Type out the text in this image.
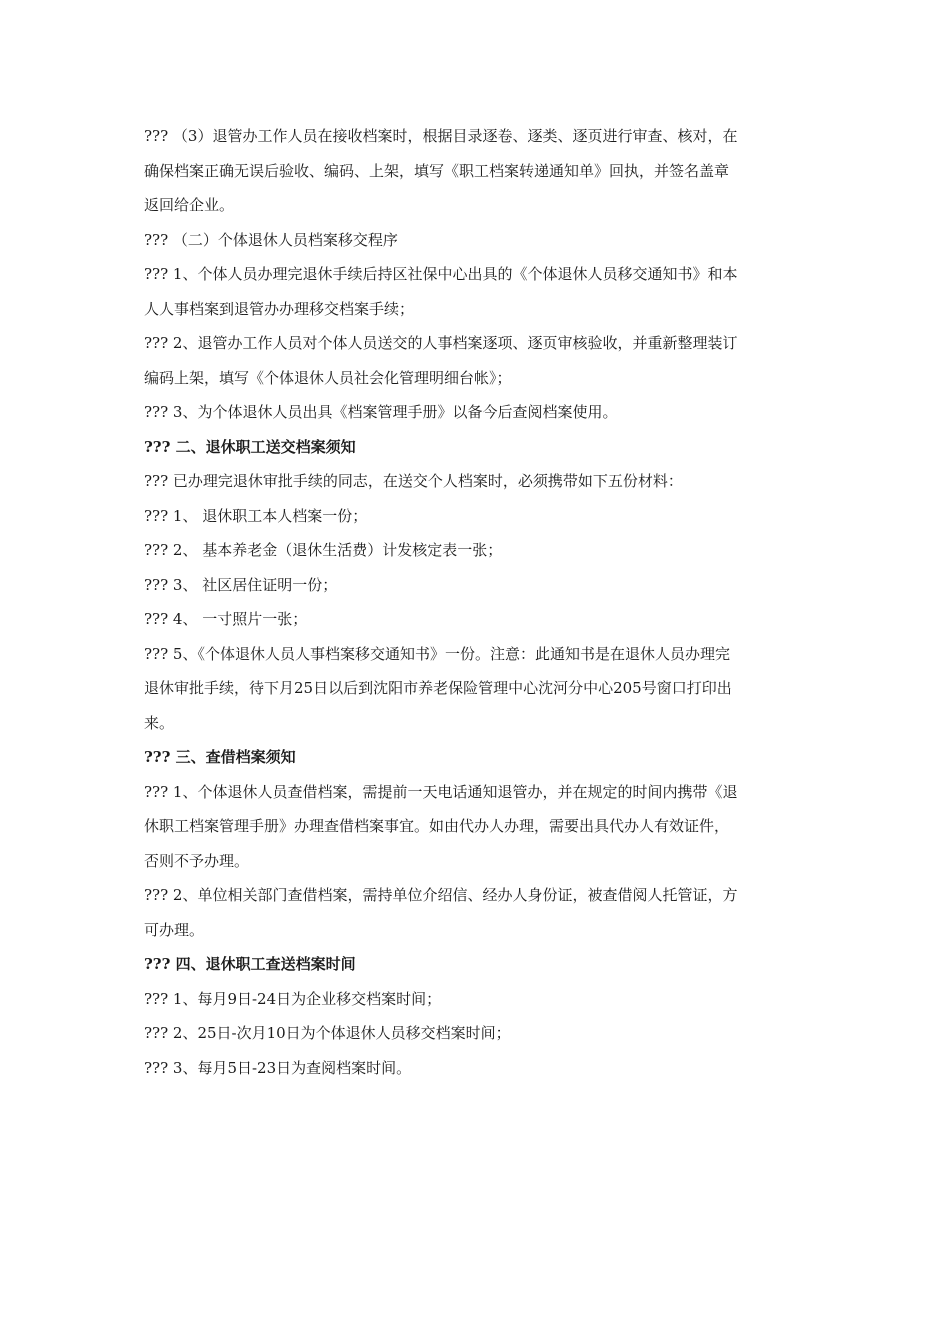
??? （3）退管办工作人员在接收档案时，根据目录逐卷、逐类、逐页进行审查、核对，在
确保档案正确无误后验收、编码、上架，填写《职工档案转递通知单》回执，并签名盖章
返回给企业。
??? （二）个体退休人员档案移交程序
??? 1、个体人员办理完退休手续后持区社保中心出具的《个体退休人员移交通知书》和本
人人事档案到退管办办理移交档案手续；
??? 2、退管办工作人员对个体人员送交的人事档案逐项、逐页审核验收，并重新整理装订
编码上架，填写《个体退休人员社会化管理明细台帐》；
??? 3、为个体退休人员出具《档案管理手册》以备今后查阅档案使用。
??? 二、退休职工送交档案须知
??? 已办理完退休审批手续的同志，在送交个人档案时，必须携带如下五份材料：
??? 1、 退休职工本人档案一份；
??? 2、 基本养老金（退休生活费）计发核定表一张；
??? 3、 社区居住证明一份；
??? 4、 一寸照片一张；
??? 5、《个体退休人员人事档案移交通知书》一份。注意：此通知书是在退休人员办理完
退休审批手续，待下月25日以后到沈阳市养老保险管理中心沈河分中心205号窗口打印出
来。
??? 三、查借档案须知
??? 1、个体退休人员查借档案，需提前一天电话通知退管办，并在规定的时间内携带《退
休职工档案管理手册》办理查借档案事宜。如由代办人办理，需要出具代办人有效证件，
否则不予办理。
??? 2、单位相关部门查借档案，需持单位介绍信、经办人身份证，被查借阅人托管证，方
可办理。
??? 四、退休职工查送档案时间
??? 1、每月9日-24日为企业移交档案时间；
??? 2、25日-次月10日为个体退休人员移交档案时间；
??? 3、每月5日-23日为查阅档案时间。
